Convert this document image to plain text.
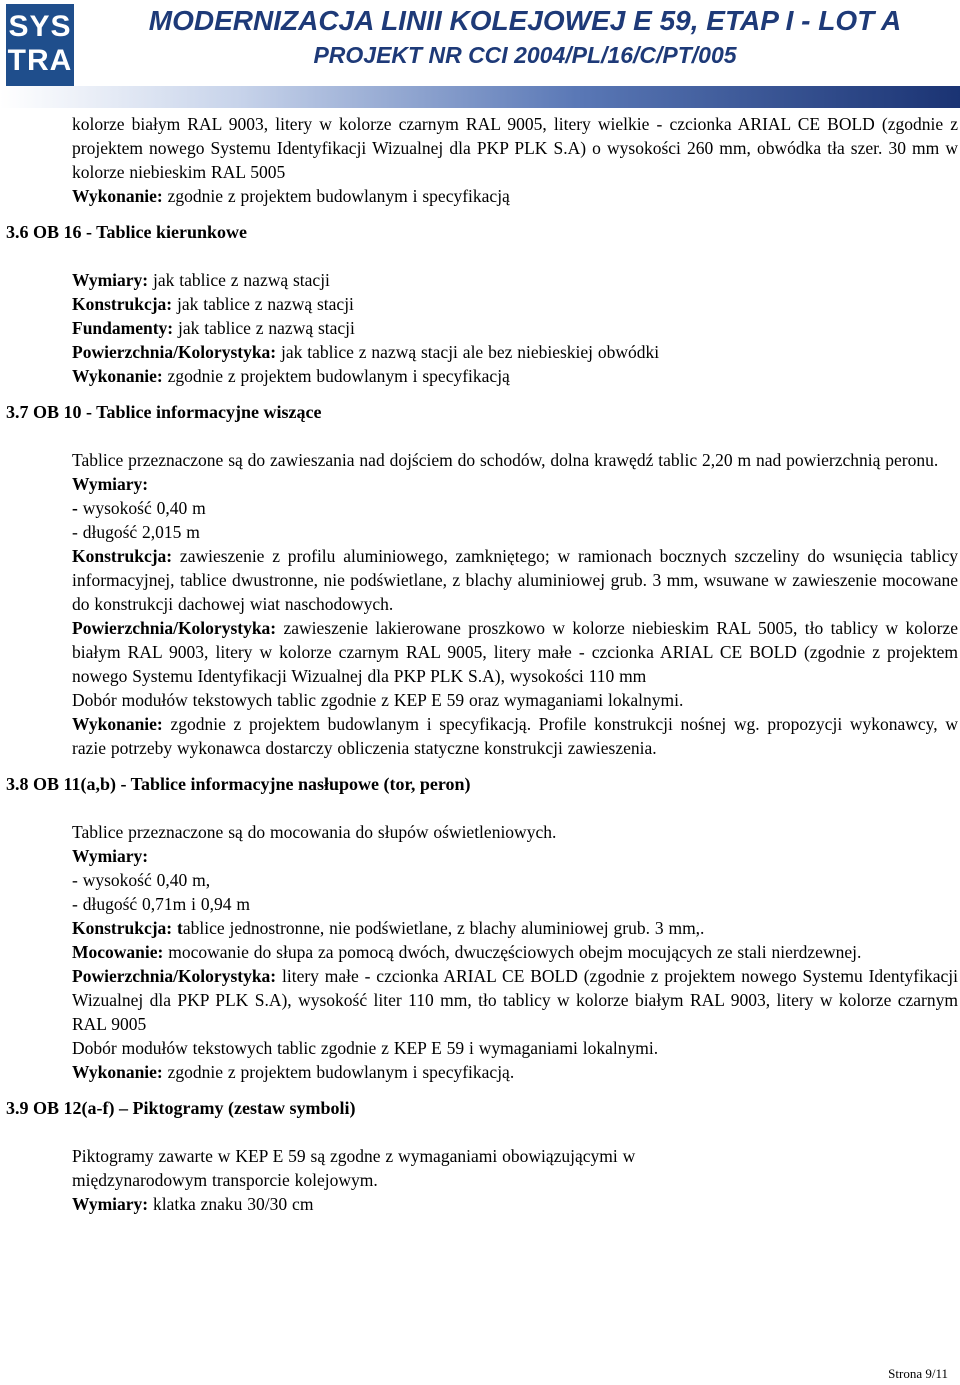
SYS
TRA
MODERNIZACJA LINII KOLEJOWEJ E 59, ETAP I - LOT A
PROJEKT NR CCI 2004/PL/16/C/PT/005

kolorze białym RAL 9003, litery w kolorze czarnym RAL 9005, litery wielkie - czcionka ARIAL CE BOLD (zgodnie z projektem nowego Systemu Identyfikacji Wizualnej dla PKP PLK S.A) o wysokości 260 mm, obwódka tła szer. 30 mm w kolorze niebieskim RAL 5005

Wykonanie: zgodnie z projektem budowlanym i specyfikacją

3.6 OB 16 - Tablice kierunkowe

Wymiary: jak tablice z nazwą stacji

Konstrukcja: jak tablice z nazwą stacji

Fundamenty: jak tablice z nazwą stacji

Powierzchnia/Kolorystyka: jak tablice z nazwą stacji ale bez niebieskiej obwódki

Wykonanie: zgodnie z projektem budowlanym i specyfikacją

3.7 OB 10 - Tablice informacyjne wiszące

Tablice przeznaczone są do zawieszania nad dojściem do schodów, dolna krawędź tablic 2,20 m nad powierzchnią peronu.

Wymiary:

- wysokość 0,40 m

- długość 2,015 m

Konstrukcja: zawieszenie z profilu aluminiowego, zamkniętego; w ramionach bocznych szczeliny do wsunięcia tablicy informacyjnej, tablice dwustronne, nie podświetlane, z blachy aluminiowej grub. 3 mm, wsuwane w zawieszenie mocowane do konstrukcji dachowej wiat naschodowych.

Powierzchnia/Kolorystyka: zawieszenie lakierowane proszkowo w kolorze niebieskim RAL 5005, tło tablicy w kolorze białym RAL 9003, litery w kolorze czarnym RAL 9005, litery małe - czcionka ARIAL CE BOLD (zgodnie z projektem nowego Systemu Identyfikacji Wizualnej dla PKP PLK S.A), wysokości 110 mm

Dobór modułów tekstowych tablic zgodnie z KEP E 59 oraz wymaganiami lokalnymi.

Wykonanie: zgodnie z projektem budowlanym i specyfikacją. Profile konstrukcji nośnej wg. propozycji wykonawcy, w razie potrzeby wykonawca dostarczy obliczenia statyczne konstrukcji zawieszenia.

3.8 OB 11(a,b) - Tablice informacyjne nasłupowe (tor, peron)

Tablice przeznaczone są do mocowania do słupów oświetleniowych.

Wymiary:

- wysokość 0,40 m,

- długość 0,71m i 0,94 m

Konstrukcja: tablice jednostronne, nie podświetlane, z blachy aluminiowej grub. 3 mm,.

Mocowanie: mocowanie do słupa za pomocą dwóch, dwuczęściowych obejm mocujących ze stali nierdzewnej.

Powierzchnia/Kolorystyka: litery małe - czcionka ARIAL CE BOLD (zgodnie z projektem nowego Systemu Identyfikacji Wizualnej dla PKP PLK S.A), wysokość liter 110 mm, tło tablicy w kolorze białym RAL 9003, litery w kolorze czarnym RAL 9005

Dobór modułów tekstowych tablic zgodnie z KEP E 59 i wymaganiami lokalnymi.

Wykonanie: zgodnie z projektem budowlanym i specyfikacją.

3.9 OB 12(a-f) – Piktogramy (zestaw symboli)

Piktogramy zawarte w KEP E 59 są zgodne z wymaganiami obowiązującymi w

międzynarodowym transporcie kolejowym.

Wymiary: klatka znaku 30/30 cm

Strona 9/11
